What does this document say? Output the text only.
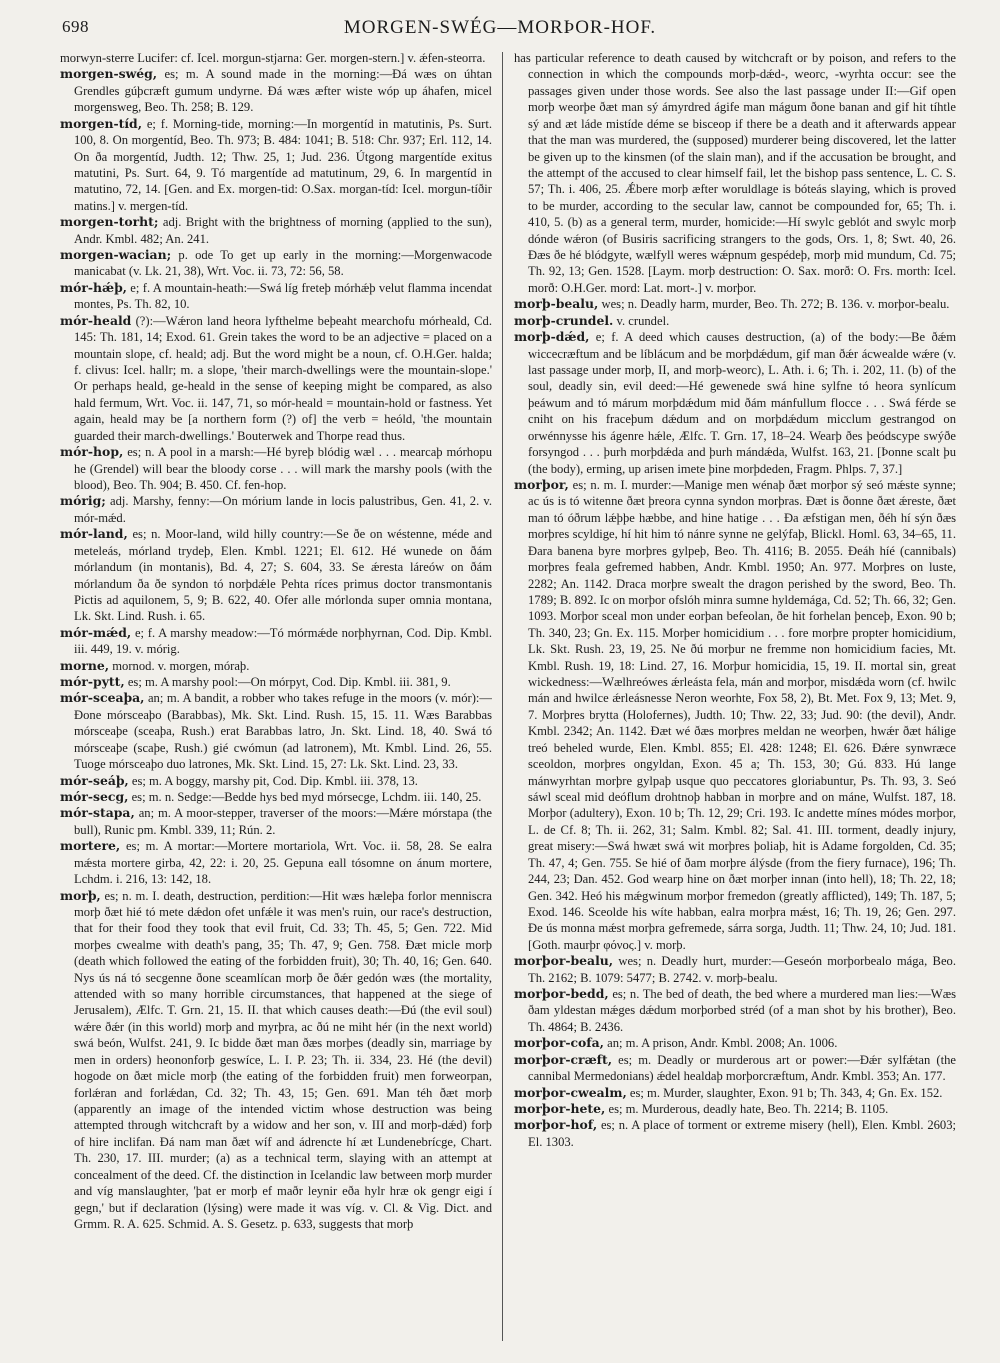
698	MORGEN-SWÉG—MORÞOR-HOF.

morwyn-sterre Lucifer: cf. Icel. morgun-stjarna: Ger. morgen-stern.] v. ǽfen-steorra.

morgen-swég, es; m. A sound made in the morning:—Ðá wæs on úhtan Grendles gúþcræft gumum undyrne. Ðá wæs æfter wiste wóp up áhafen, micel morgensweg, Beo. Th. 258; B. 129.

morgen-tíd, e; f. Morning-tide, morning:—In morgentíd in matutinis, Ps. Surt. 100, 8. On morgentíd, Beo. Th. 973; B. 484: 1041; B. 518: Chr. 937; Erl. 112, 14. On ða morgentíd, Judth. 12; Thw. 25, 1; Jud. 236. Útgong margentíde exitus matutini, Ps. Surt. 64, 9. Tó margentíde ad matutinum, 29, 6. In margentíd in matutino, 72, 14. [Gen. and Ex. morgen-tid: O.Sax. morgan-tíd: Icel. morgun-tíðir matins.] v. mergen-tíd.

morgen-torht; adj. Bright with the brightness of morning (applied to the sun), Andr. Kmbl. 482; An. 241.

morgen-wacian; p. ode To get up early in the morning:—Morgenwacode manicabat (v. Lk. 21, 38), Wrt. Voc. ii. 73, 72: 56, 58.

mór-hǽþ, e; f. A mountain-heath:—Swá líg freteþ mórhǽþ velut flamma incendat montes, Ps. Th. 82, 10.

mór-heald (?):—Wǽron land heora lyfthelme beþeaht mearchofu mórheald, Cd. 145: Th. 181, 14; Exod. 61. Grein takes the word to be an adjective = placed on a mountain slope, cf. heald; adj. But the word might be a noun, cf. O.H.Ger. halda; f. clivus: Icel. hallr; m. a slope, 'their march-dwellings were the mountain-slope.' Or perhaps heald, ge-heald in the sense of keeping might be compared, as also hald fermum, Wrt. Voc. ii. 147, 71, so mór-heald = mountain-hold or fastness. Yet again, heald may be [a northern form (?) of] the verb = heóld, 'the mountain guarded their march-dwellings.' Bouterwek and Thorpe read thus.

mór-hop, es; n. A pool in a marsh:—Hé byreþ blódig wæl . . . mearcaþ mórhopu he (Grendel) will bear the bloody corse . . . will mark the marshy pools (with the blood), Beo. Th. 904; B. 450. Cf. fen-hop.

mórig; adj. Marshy, fenny:—On mórium lande in locis palustribus, Gen. 41, 2. v. mór-mǽd.

mór-land, es; n. Moor-land, wild hilly country:—Se ðe on wéstenne, méde and meteleás, mórland trydeþ, Elen. Kmbl. 1221; El. 612. Hé wunede on ðám mórlandum (in montanis), Bd. 4, 27; S. 604, 33. Se ǽresta láreów on ðám mórlandum ða ðe syndon tó norþdǽle Pehta ríces primus doctor transmontanis Pictis ad aquilonem, 5, 9; B. 622, 40. Ofer alle mórlonda super omnia montana, Lk. Skt. Lind. Rush. i. 65.

mór-mǽd, e; f. A marshy meadow:—Tó mórmǽde norþhyrnan, Cod. Dip. Kmbl. iii. 449, 19. v. mórig.

morne, mornod. v. morgen, móraþ.

mór-pytt, es; m. A marshy pool:—On mórpyt, Cod. Dip. Kmbl. iii. 381, 9.

mór-sceaþa, an; m. A bandit, a robber who takes refuge in the moors (v. mór):—Ðone mórsceaþo (Barabbas), Mk. Skt. Lind. Rush. 15, 15. 11. Wæs Barabbas mórsceaþe (sceaþa, Rush.) erat Barabbas latro, Jn. Skt. Lind. 18, 40. Swá tó mórsceaþe (scaþe, Rush.) gié cwómun (ad latronem), Mt. Kmbl. Lind. 26, 55. Tuoge mórsceaþo duo latrones, Mk. Skt. Lind. 15, 27: Lk. Skt. Lind. 23, 33.

mór-seáþ, es; m. A boggy, marshy pit, Cod. Dip. Kmbl. iii. 378, 13.

mór-secg, es; m. n. Sedge:—Bedde hys bed myd mórsecge, Lchdm. iii. 140, 25.

mór-stapa, an; m. A moor-stepper, traverser of the moors:—Mǽre mórstapa (the bull), Runic pm. Kmbl. 339, 11; Rún. 2.

mortere, es; m. A mortar:—Mortere mortariola, Wrt. Voc. ii. 58, 28. Se ealra mǽsta mortere girba, 42, 22: i. 20, 25. Gepuna eall tósomne on ánum mortere, Lchdm. i. 216, 13: 142, 18.

morþ, es; n. m. I. death, destruction, perdition:—Hit wæs hæleþa forlor menniscra morþ ðæt hié tó mete dǽdon ofet unfǽle it was men's ruin, our race's destruction, that for their food they took that evil fruit, Cd. 33; Th. 45, 5; Gen. 722. Mid morþes cwealme with death's pang, 35; Th. 47, 9; Gen. 758. Ðæt micle morþ (death which followed the eating of the forbidden fruit), 30; Th. 40, 16; Gen. 640. Nys ús ná tó secgenne ðone sceamlícan morþ ðe ðǽr gedón wæs (the mortality, attended with so many horrible circumstances, that happened at the siege of Jerusalem), Ælfc. T. Grn. 21, 15. II. that which causes death:—Ðú (the evil soul) wǽre ðǽr (in this world) morþ and myrþra, ac ðú ne miht hér (in the next world) swá beón, Wulfst. 241, 9. Ic bidde ðæt man ðæs morþes (deadly sin, marriage by men in orders) heononforþ geswíce, L. I. P. 23; Th. ii. 334, 23. Hé (the devil) hogode on ðæt micle morþ (the eating of the forbidden fruit) men forweorpan, forlǽran and forlǽdan, Cd. 32; Th. 43, 15; Gen. 691. Man téh ðæt morþ (apparently an image of the intended victim whose destruction was being attempted through witchcraft by a widow and her son, v. III and morþ-dǽd) forþ of hire inclifan. Ðá nam man ðæt wíf and ádrencte hí æt Lundenebrícge, Chart. Th. 230, 17. III. murder; (a) as a technical term, slaying with an attempt at concealment of the deed. Cf. the distinction in Icelandic law between morþ murder and víg manslaughter, 'þat er morþ ef maðr leynir eða hylr hræ ok gengr eigi í gegn,' but if declaration (lýsing) were made it was víg. v. Cl. & Vig. Dict. and Grmm. R. A. 625. Schmid. A. S. Gesetz. p. 633, suggests that morþ

has particular reference to death caused by witchcraft or by poison, and refers to the connection in which the compounds morþ-dǽd-, weorc, -wyrhta occur: see the passages given under those words. See also the last passage under II:—Gif open morþ weorþe ðæt man sý ámyrdred ágife man mágum ðone banan and gif hit tíhtle sý and æt láde mistíde déme se bisceop if there be a death and it afterwards appear that the man was murdered, the (supposed) murderer being discovered, let the latter be given up to the kinsmen (of the slain man), and if the accusation be brought, and the attempt of the accused to clear himself fail, let the bishop pass sentence, L. C. S. 57; Th. i. 406, 25. Ǽbere morþ æfter woruldlage is bóteás slaying, which is proved to be murder, according to the secular law, cannot be compounded for, 65; Th. i. 410, 5. (b) as a general term, murder, homicide:—Hí swylc geblót and swylc morþ dónde wǽron (of Busiris sacrificing strangers to the gods, Ors. 1, 8; Swt. 40, 26. Ðæs ðe hé blódgyte, wælfyll weres wǽpnum gespédeþ, morþ mid mundum, Cd. 75; Th. 92, 13; Gen. 1528. [Laym. morþ destruction: O. Sax. morð: O. Frs. morth: Icel. morð: O.H.Ger. mord: Lat. mort-.] v. morþor.

morþ-bealu, wes; n. Deadly harm, murder, Beo. Th. 272; B. 136. v. morþor-bealu.

morþ-crundel. v. crundel.

morþ-dǽd, e; f. A deed which causes destruction, (a) of the body:—Be ðǽm wiccecræftum and be líblácum and be morþdǽdum, gif man ðǽr ácwealde wǽre (v. last passage under morþ, II, and morþ-weorc), L. Ath. i. 6; Th. i. 202, 11. (b) of the soul, deadly sin, evil deed:—Hé gewenede swá hine sylfne tó heora synlícum þeáwum and tó márum morþdǽdum mid ðám mánfullum flocce . . . Swá férde se cniht on his fraceþum dǽdum and on morþdǽdum micclum gestrangod on orwénnysse his ágenre hǽle, Ælfc. T. Grn. 17, 18–24. Wearþ ðes þeódscype swýðe forsyngod . . . þurh morþdǽda and þurh mándǽda, Wulfst. 163, 21. [Þonne scalt þu (the body), erming, up arisen imete þine morþdeden, Fragm. Phlps. 7, 37.]

morþor, es; n. m. I. murder:—Manige men wénaþ ðæt morþor sý seó mǽste synne; ac ús is tó witenne ðæt þreora cynna syndon morþras. Ðæt is ðonne ðæt ǽreste, ðæt man tó óðrum lǽþþe hæbbe, and hine hatige . . . Ða æfstigan men, ðéh hí sýn ðæs morþres scyldige, hí hit him tó nánre synne ne gelýfaþ, Blickl. Homl. 63, 34–65, 11. Ðara banena byre morþres gylpeþ, Beo. Th. 4116; B. 2055. Ðeáh híé (cannibals) morþres feala gefremed habben, Andr. Kmbl. 1950; An. 977. Morþres on luste, 2282; An. 1142. Draca morþre swealt the dragon perished by the sword, Beo. Th. 1789; B. 892. Ic on morþor ofslóh minra sumne hyldemága, Cd. 52; Th. 66, 32; Gen. 1093. Morþor sceal mon under eorþan befeolan, ðe hit forhelan þenceþ, Exon. 90 b; Th. 340, 23; Gn. Ex. 115. Morþer homicidium . . . fore morþre propter homicidium, Lk. Skt. Rush. 23, 19, 25. Ne ðú morþur ne fremme non homicidium facies, Mt. Kmbl. Rush. 19, 18: Lind. 27, 16. Morþur homicidia, 15, 19. II. mortal sin, great wickedness:—Wælhreówes ǽrleásta fela, mán and morþor, misdǽda worn (cf. hwilc mán and hwilce ǽrleásnesse Neron weorhte, Fox 58, 2), Bt. Met. Fox 9, 13; Met. 9, 7. Morþres brytta (Holofernes), Judth. 10; Thw. 22, 33; Jud. 90: (the devil), Andr. Kmbl. 2342; An. 1142. Ðæt wé ðæs morþres meldan ne weorþen, hwǽr ðæt hálige treó beheled wurde, Elen. Kmbl. 855; El. 428: 1248; El. 626. Ðǽre synwræce sceoldon, morþres ongyldan, Exon. 45 a; Th. 153, 30; Gú. 833. Hú lange mánwyrhtan morþre gylpaþ usque quo peccatores gloriabuntur, Ps. Th. 93, 3. Seó sáwl sceal mid deóflum drohtnoþ habban in morþre and on máne, Wulfst. 187, 18. Morþor (adultery), Exon. 10 b; Th. 12, 29; Cri. 193. Ic andette mínes módes morþor, L. de Cf. 8; Th. ii. 262, 31; Salm. Kmbl. 82; Sal. 41. III. torment, deadly injury, great misery:—Swá hwæt swá wit morþres þoliaþ, hit is Adame forgolden, Cd. 35; Th. 47, 4; Gen. 755. Se hié of ðam morþre álýsde (from the fiery furnace), 196; Th. 244, 23; Dan. 452. God wearp hine on ðæt morþer innan (into hell), 18; Th. 22, 18; Gen. 342. Heó his mǽgwinum morþor fremedon (greatly afflicted), 149; Th. 187, 5; Exod. 146. Sceolde his wíte habban, ealra morþra mǽst, 16; Th. 19, 26; Gen. 297. Ðe ús monna mǽst morþra gefremede, sárra sorga, Judth. 11; Thw. 24, 10; Jud. 181. [Goth. maurþr φόνος.] v. morþ.

morþor-bealu, wes; n. Deadly hurt, murder:—Geseón morþorbealo mága, Beo. Th. 2162; B. 1079: 5477; B. 2742. v. morþ-bealu.

morþor-bedd, es; n. The bed of death, the bed where a murdered man lies:—Wæs ðam yldestan mǽges dǽdum morþorbed stréd (of a man shot by his brother), Beo. Th. 4864; B. 2436.

morþor-cofa, an; m. A prison, Andr. Kmbl. 2008; An. 1006.

morþor-cræft, es; m. Deadly or murderous art or power:—Ðǽr sylfǽtan (the cannibal Mermedonians) ǽdel healdaþ morþorcræftum, Andr. Kmbl. 353; An. 177.

morþor-cwealm, es; m. Murder, slaughter, Exon. 91 b; Th. 343, 4; Gn. Ex. 152.

morþor-hete, es; m. Murderous, deadly hate, Beo. Th. 2214; B. 1105.

morþor-hof, es; n. A place of torment or extreme misery (hell), Elen. Kmbl. 2603; El. 1303.
